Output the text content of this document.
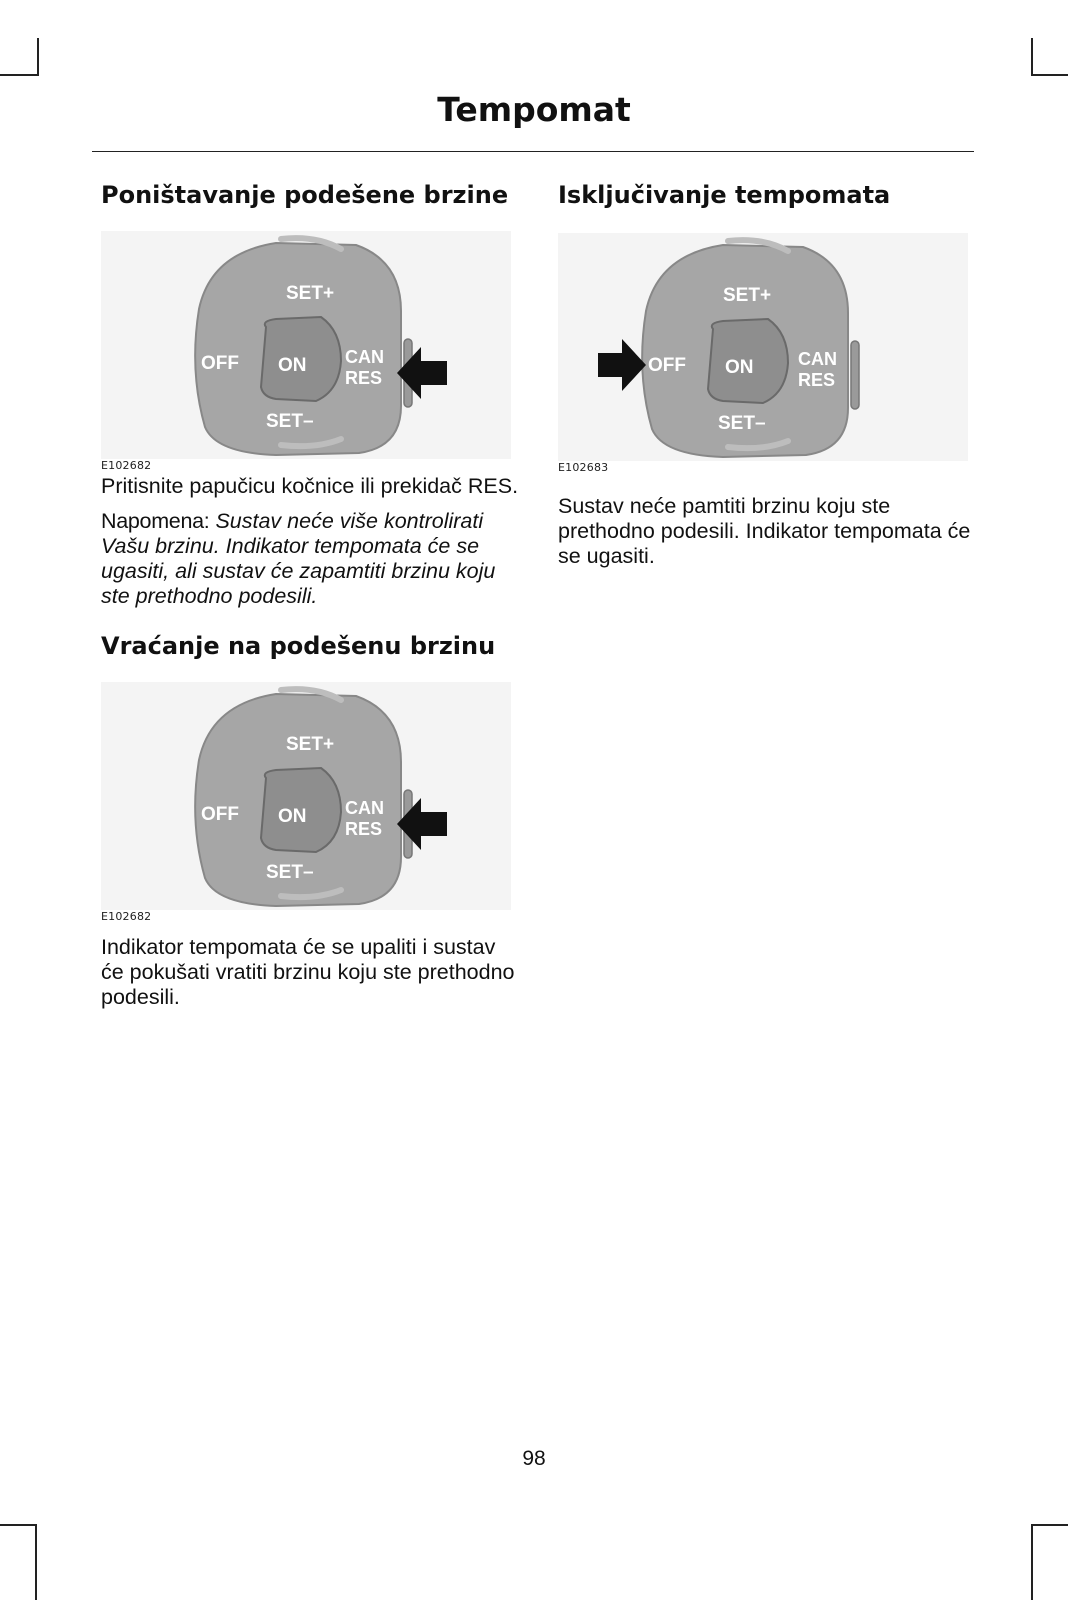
Tempomat
Poništavanje podešene brzine
SET+
OFF ON CAN
RES
SET–
E102682

Pritisnite papučicu kočnice ili prekidač RES.

Napomena: Sustav neće više kontrolirati Vašu brzinu. Indikator tempomata će se ugasiti, ali sustav će zapamtiti brzinu koju ste prethodno podesili.

Vraćanje na podešenu brzinu
SET+
OFF ON CAN
RES
SET–
E102682

Indikator tempomata će se upaliti i sustav će pokušati vratiti brzinu koju ste prethodno podesili.

Isključivanje tempomata
SET+
OFF ON CAN
RES
SET–
E102683

Sustav neće pamtiti brzinu koju ste prethodno podesili. Indikator tempomata će se ugasiti.

98
